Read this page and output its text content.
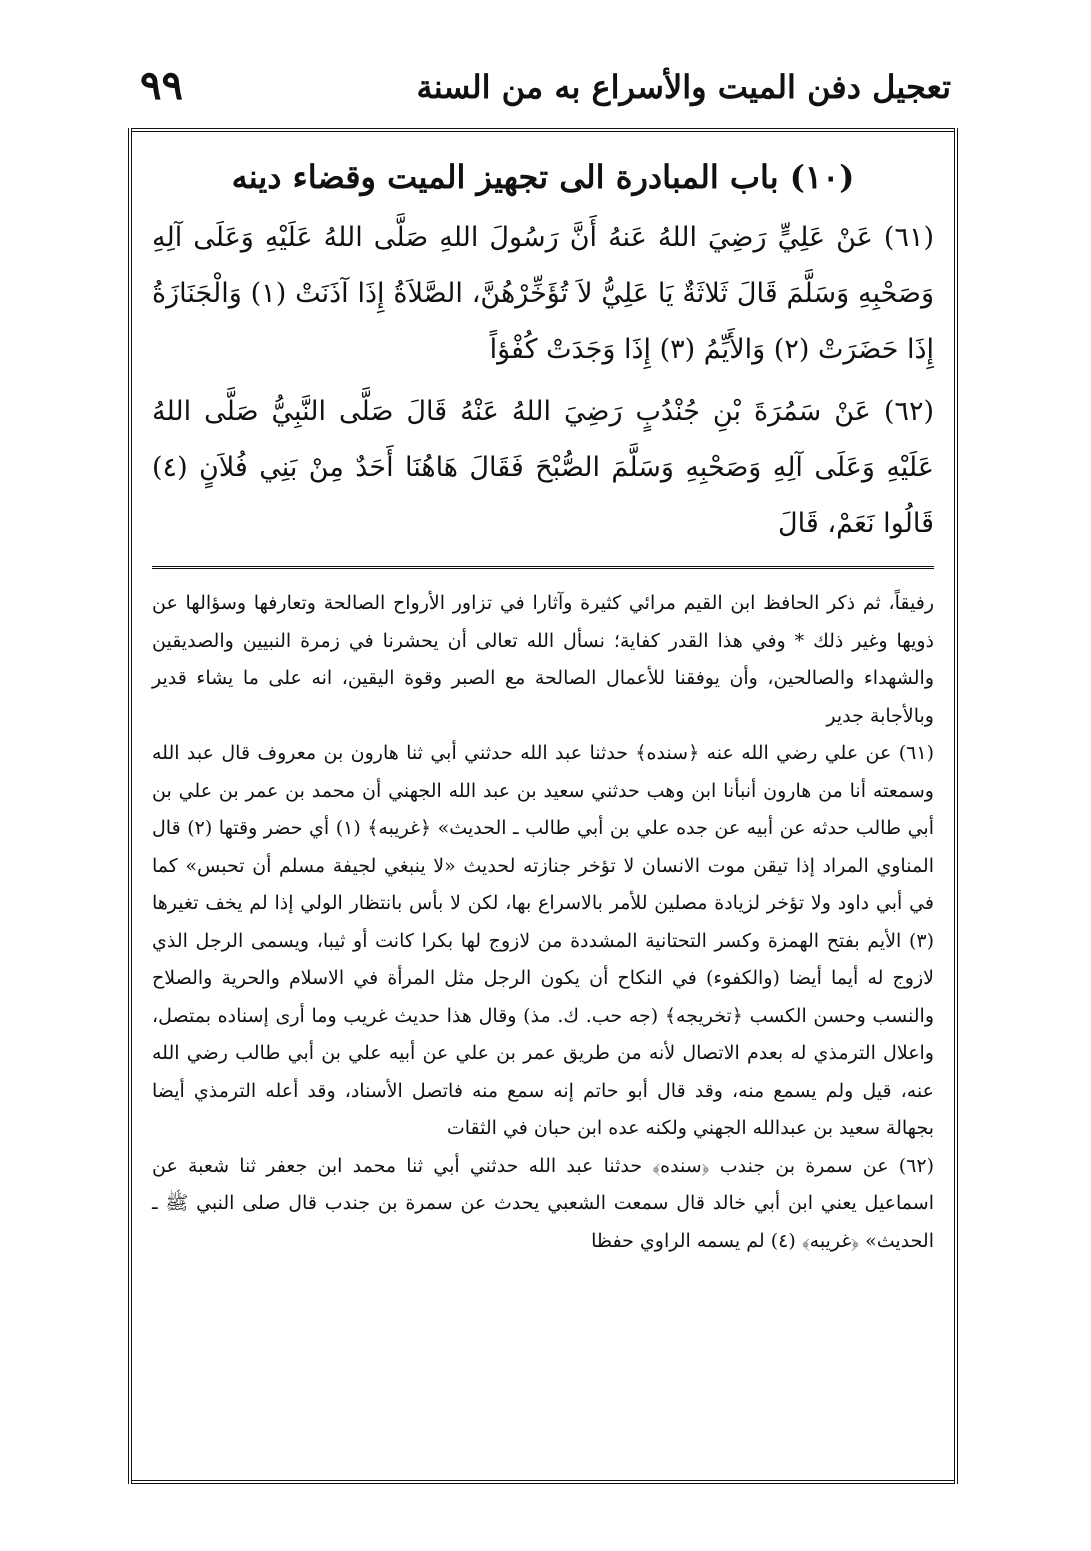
٩٩	تعجيل دفن الميت والأسراع به من السنة
(١٠) باب المبادرة الى تجهيز الميت وقضاء دينه

(٦١) عَنْ عَلِيٍّ رَضِيَ اللهُ عَنهُ أَنَّ رَسُولَ اللهِ صَلَّى اللهُ عَلَيْهِ وَعَلَى آلِهِ وَصَحْبِهِ وَسَلَّمَ قَالَ ثَلاثَةٌ يَا عَلِيُّ لاَ تُؤَخِّرْهُنَّ، الصَّلاَةُ إِذَا آذَنَتْ (١) وَالْجَنَازَةُ إِذَا حَضَرَتْ (٢) وَالأَيِّمُ (٣) إِذَا وَجَدَتْ كُفْؤاً

(٦٢) عَنْ سَمُرَةَ بْنِ جُنْدُبٍ رَضِيَ اللهُ عَنْهُ قَالَ صَلَّى النَّبِيُّ صَلَّى اللهُ عَلَيْهِ وَعَلَى آلِهِ وَصَحْبِهِ وَسَلَّمَ الصُّبْحَ فَقَالَ هَاهُنَا أَحَدٌ مِنْ بَنِي فُلاَنٍ (٤) قَالُوا نَعَمْ، قَالَ

رفيقاً، ثم ذكر الحافظ ابن القيم مرائي كثيرة وآثارا في تزاور الأرواح الصالحة وتعارفها وسؤالها عن ذويها وغير ذلك * وفي هذا القدر كفاية؛ نسأل الله تعالى أن يحشرنا في زمرة النبيين والصديقين والشهداء والصالحين، وأن يوفقنا للأعمال الصالحة مع الصبر وقوة اليقين، انه على ما يشاء قدير وبالأجابة جدير

(٦١) عن علي رضي الله عنه ﴿سنده﴾ حدثنا عبد الله حدثني أبي ثنا هارون بن معروف قال عبد الله وسمعته أنا من هارون أنبأنا ابن وهب حدثني سعيد بن عبد الله الجهني أن محمد بن عمر بن علي بن أبي طالب حدثه عن أبيه عن جده علي بن أبي طالب ـ الحديث» ﴿غريبه﴾ (١) أي حضر وقتها (٢) قال المناوي المراد إذا تيقن موت الانسان لا تؤخر جنازته لحديث «لا ينبغي لجيفة مسلم أن تحبس» كما في أبي داود ولا تؤخر لزيادة مصلين للأمر بالاسراع بها، لكن لا بأس بانتظار الولي إذا لم يخف تغيرها (٣) الأيم بفتح الهمزة وكسر التحتانية المشددة من لازوج لها بكرا كانت أو ثيبا، ويسمى الرجل الذي لازوج له أيما أيضا (والكفوء) في النكاح أن يكون الرجل مثل المرأة في الاسلام والحرية والصلاح والنسب وحسن الكسب ﴿تخريجه﴾ (جه حب. ك. مذ) وقال هذا حديث غريب وما أرى إسناده بمتصل، واعلال الترمذي له بعدم الاتصال لأنه من طريق عمر بن علي عن أبيه علي بن أبي طالب رضي الله عنه، قيل ولم يسمع منه، وقد قال أبو حاتم إنه سمع منه فاتصل الأسناد، وقد أعله الترمذي أيضا بجهالة سعيد بن عبدالله الجهني ولكنه عده ابن حبان في الثقات

(٦٢) عن سمرة بن جندب ﴿سنده﴾ حدثنا عبد الله حدثني أبي ثنا محمد ابن جعفر ثنا شعبة عن اسماعيل يعني ابن أبي خالد قال سمعت الشعبي يحدث عن سمرة بن جندب قال صلى النبي ﷺ ـ الحديث» ﴿غريبه﴾ (٤) لم يسمه الراوي حفظا
